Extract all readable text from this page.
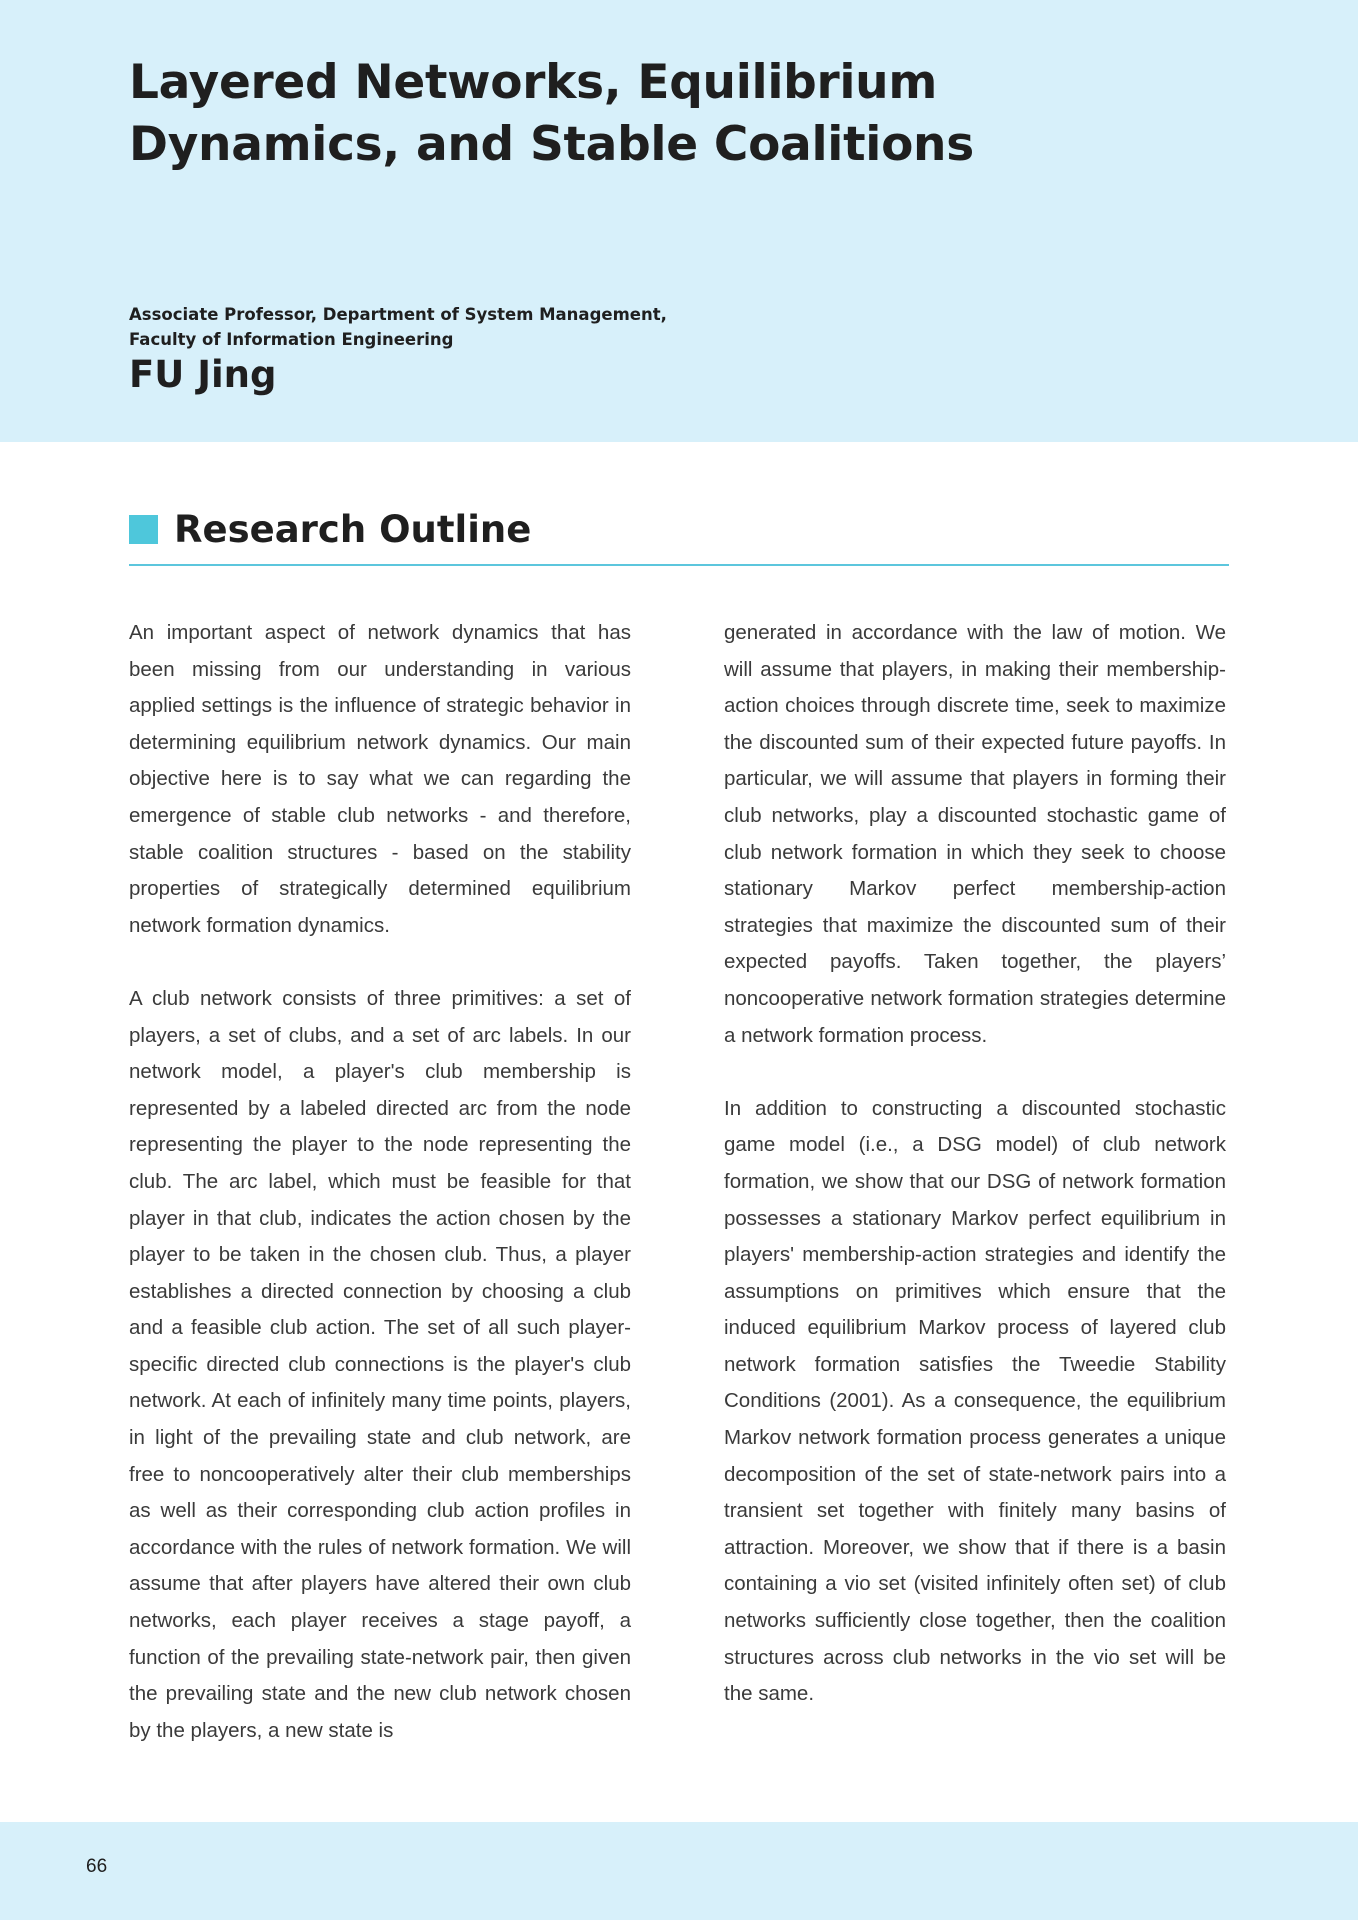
Layered Networks, Equilibrium Dynamics, and Stable Coalitions
Associate Professor, Department of System Management,
Faculty of Information Engineering
FU Jing
Research Outline

An important aspect of network dynamics that has been missing from our understanding in various applied settings is the influence of strategic behavior in determining equilibrium network dynamics. Our main objective here is to say what we can regarding the emergence of stable club networks - and therefore, stable coalition structures - based on the stability properties of strategically determined equilibrium network formation dynamics.

A club network consists of three primitives: a set of players, a set of clubs, and a set of arc labels. In our network model, a player's club membership is represented by a labeled directed arc from the node representing the player to the node representing the club. The arc label, which must be feasible for that player in that club, indicates the action chosen by the player to be taken in the chosen club. Thus, a player establishes a directed connection by choosing a club and a feasible club action. The set of all such player-specific directed club connections is the player's club network. At each of infinitely many time points, players, in light of the prevailing state and club network, are free to noncooperatively alter their club memberships as well as their corresponding club action profiles in accordance with the rules of network formation. We will assume that after players have altered their own club networks, each player receives a stage payoff, a function of the prevailing state-network pair, then given the prevailing state and the new club network chosen by the players, a new state is

generated in accordance with the law of motion. We will assume that players, in making their membership-action choices through discrete time, seek to maximize the discounted sum of their expected future payoffs. In particular, we will assume that players in forming their club networks, play a discounted stochastic game of club network formation in which they seek to choose stationary Markov perfect membership-action strategies that maximize the discounted sum of their expected payoffs. Taken together, the players’ noncooperative network formation strategies determine a network formation process.

In addition to constructing a discounted stochastic game model (i.e., a DSG model) of club network formation, we show that our DSG of network formation possesses a stationary Markov perfect equilibrium in players' membership-action strategies and identify the assumptions on primitives which ensure that the induced equilibrium Markov process of layered club network formation satisfies the Tweedie Stability Conditions (2001). As a consequence, the equilibrium Markov network formation process generates a unique decomposition of the set of state-network pairs into a transient set together with finitely many basins of attraction. Moreover, we show that if there is a basin containing a vio set (visited infinitely often set) of club networks sufficiently close together, then the coalition structures across club networks in the vio set will be the same.

66
